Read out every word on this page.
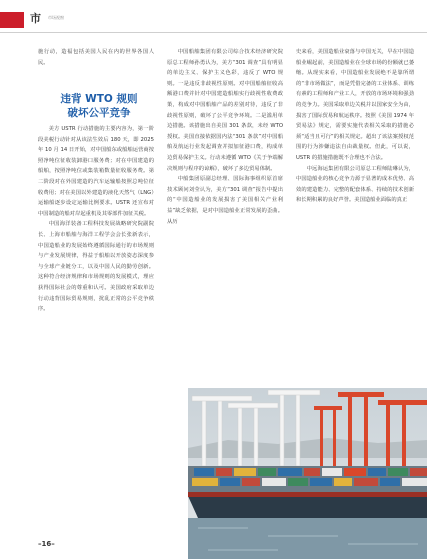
市 市场视窗

施行动，造福包括美国人民在内的世界各国人民。

违背 WTO 规则
破坏公平竞争

美方 USTR 行动措施的主要内容为，第一阶段美税行动针对从该法生效后 180 天，即 2025 年 10 月 14 日开始，对中国船东或船舶运营商按照净吨位征收装卸港口服务费；对在中国建造的船舶，按照净吨位或集装箱数量征收服务费。第二阶段对在外国建造的汽车运输船按照总吨位征收费用；对在美国以外建造的液化天然气（LNG）运输船逐步设定运输比例要求。USTR 还宣布对中国制造的船对岸起重机及其零部件加征关税。

中国海洋装备工程科技发展战略研究院副院长、上海市船舶与海洋工程学会会长张新表示，中国造船业的发展始终遵循国际通行的市场规则与产业发展规律，得益于船舶以开放姿态深度参与全球产业链分工，以及中国人民的勤劳创新。这种符合经济规律和市场规则的发展模式，理应获得国际社会的尊重和认可。美国政府采取单边行动违背国际贸易规则，扰乱正常的公平竞争秩序。

中国船舶集团有限公司综合技术经济研究院原总工程师孙勇认为，美方“301 调查”具有明显的单边主义、保护主义色彩，违反了 WTO 规则。一是违反非歧视性原则。对中国船舶征收高额港口费并针对中国建造船舶实行歧视性收费政策，构成对中国船舶产品的差别对待，违反了非歧视性原则，破坏了公平竞争环境。二是滥用单边措施。该措施出自美国 301 条款，未经 WTO 授权。美国直接依据国内法“301 条款”对中国船舶及航运行业发起调查并拟加征港口费，构成单边贸易保护主义。行动未遵循 WTO《关于争端解决规则与程序的谅解》，破坏了多边贸易体制。

中船集团原副总经理、国际海事组织原首席技术顾问刘莹认为，美方“301 调查”报告中提出的“中国造船业的发展损害了美国相关产业利益”缺乏依据，是对中国造船业正常发展的歪曲。从历

史来看，美国造船业衰落与中国无关，早在中国造船业崛起前，美国造船业在全球市场的份额就已萎缩。从现实来看，中国造船业发展绝不是靠所谓的“非市场做法”，而是凭借完备的工业体系、训练有素的工程师和产业工人，开放的市场环境和强劲的竞争力。美国采取单边关税并以国家安全为由，损害了国际贸易和航运秩序。按照《美国 1974 年贸易法》规定，需要实施代表相关采取的措施必须“适当且可行”的相关规定。超出了该法案授权范围的行为涉嫌违法自由裁量权。但此，可以说，USTR 的措施措施既不合理也不合法。

中远海运集团有限公司原总工程师陆琳认为，中国造船业的核心竞争力源于显著的成本优势、高效的建造能力、完整的配套体系、持续的技术创新和长期积累的良好声誉。美国造船业面临的真正

–16–
